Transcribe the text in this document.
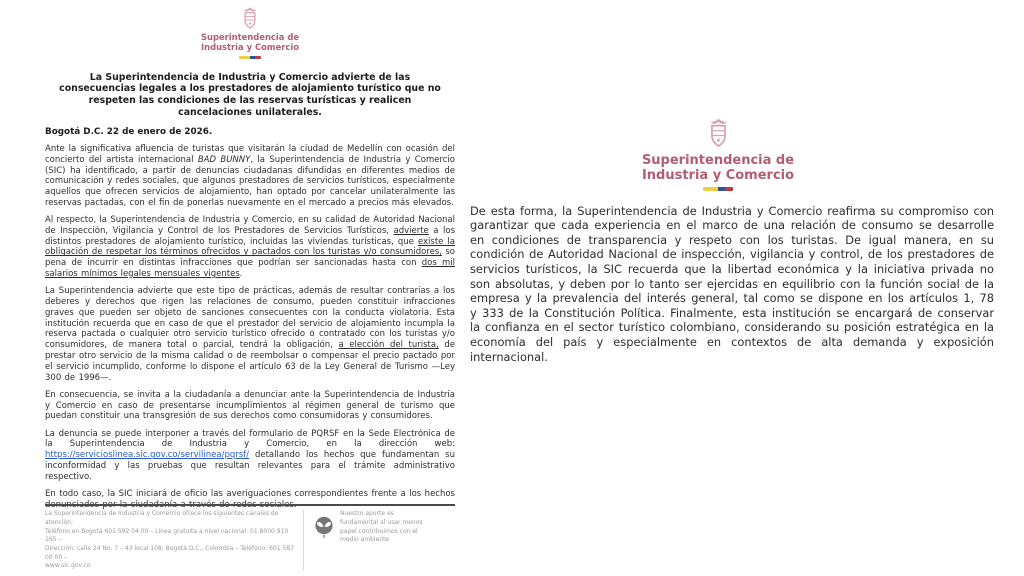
Superintendencia de
Industria y Comercio
La Superintendencia de Industria y Comercio advierte de las consecuencias legales a los prestadores de alojamiento turístico que no respeten las condiciones de las reservas turísticas y realicen cancelaciones unilaterales.

Bogotá D.C. 22 de enero de 2026.

Ante la significativa afluencia de turistas que visitarán la ciudad de Medellín con ocasión del concierto del artista internacional BAD BUNNY, la Superintendencia de Industria y Comercio (SIC) ha identificado, a partir de denuncias ciudadanas difundidas en diferentes medios de comunicación y redes sociales, que algunos prestadores de servicios turísticos, especialmente aquellos que ofrecen servicios de alojamiento, han optado por cancelar unilateralmente las reservas pactadas, con el fin de ponerlas nuevamente en el mercado a precios más elevados.

Al respecto, la Superintendencia de Industria y Comercio, en su calidad de Autoridad Nacional de Inspección, Vigilancia y Control de los Prestadores de Servicios Turísticos, advierte a los distintos prestadores de alojamiento turístico, incluidas las viviendas turísticas, que existe la obligación de respetar los términos ofrecidos y pactados con los turistas y/o consumidores, so pena de incurrir en distintas infracciones que podrían ser sancionadas hasta con dos mil salarios mínimos legales mensuales vigentes.

La Superintendencia advierte que este tipo de prácticas, además de resultar contrarias a los deberes y derechos que rigen las relaciones de consumo, pueden constituir infracciones graves que pueden ser objeto de sanciones consecuentes con la conducta violatoria. Esta institución recuerda que en caso de que el prestador del servicio de alojamiento incumpla la reserva pactada o cualquier otro servicio turístico ofrecido o contratado con los turistas y/o consumidores, de manera total o parcial, tendrá la obligación, a elección del turista, de prestar otro servicio de la misma calidad o de reembolsar o compensar el precio pactado por el servicio incumplido, conforme lo dispone el artículo 63 de la Ley General de Turismo —Ley 300 de 1996—.

En consecuencia, se invita a la ciudadanía a denunciar ante la Superintendencia de Industria y Comercio en caso de presentarse incumplimientos al régimen general de turismo que puedan constituir una transgresión de sus derechos como consumidoras y consumidores.

La denuncia se puede interponer a través del formulario de PQRSF en la Sede Electrónica de la Superintendencia de Industria y Comercio, en la dirección web: https://servicioslinea.sic.gov.co/servilinea/pqrsf/ detallando los hechos que fundamentan su inconformidad y las pruebas que resultan relevantes para el trámite administrativo respectivo.

En todo caso, la SIC iniciará de oficio las averiguaciones correspondientes frente a los hechos denunciados por la ciudadanía a través de redes sociales.

La Superintendencia de Industria y Comercio ofrece los siguientes canales de atención:
Teléfono en Bogotá 601 592 04 00 – Línea gratuita a nivel nacional: 01 8000 910 165 –
Dirección: calle 24 No. 7 – 43 local 108, Bogotá D.C., Colombia – Teléfono: 601 587 00 00 –
www.sic.gov.co
Nuestro aporte es
fundamental al usar menos
papel contribuimos con el
medio ambiente
Superintendencia de
Industria y Comercio

De esta forma, la Superintendencia de Industria y Comercio reafirma su compromiso con garantizar que cada experiencia en el marco de una relación de consumo se desarrolle en condiciones de transparencia y respeto con los turistas. De igual manera, en su condición de Autoridad Nacional de inspección, vigilancia y control, de los prestadores de servicios turísticos, la SIC recuerda que la libertad económica y la iniciativa privada no son absolutas, y deben por lo tanto ser ejercidas en equilibrio con la función social de la empresa y la prevalencia del interés general, tal como se dispone en los artículos 1, 78 y 333 de la Constitución Política. Finalmente, esta institución se encargará de conservar la confianza en el sector turístico colombiano, considerando su posición estratégica en la economía del país y especialmente en contextos de alta demanda y exposición internacional.
